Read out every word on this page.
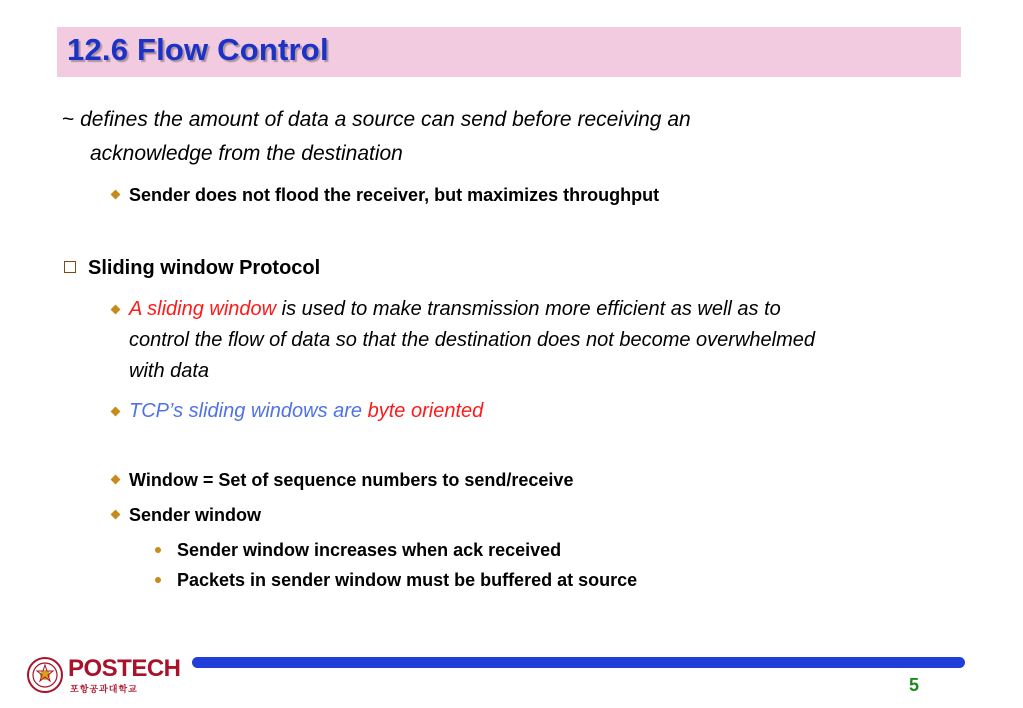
12.6 Flow Control
~ defines the amount of data a source can send before receiving an
acknowledge from the destination
Sender does not flood the receiver, but maximizes throughput
Sliding window Protocol
A sliding window is used to make transmission more efficient as well as to
control the flow of data so that the destination does not become overwhelmed
with data
TCP’s sliding windows are byte oriented
Window = Set of sequence numbers to send/receive
Sender window
Sender window increases when ack received
Packets in sender window must be buffered at source
POSTECH
포항공과대학교	5
